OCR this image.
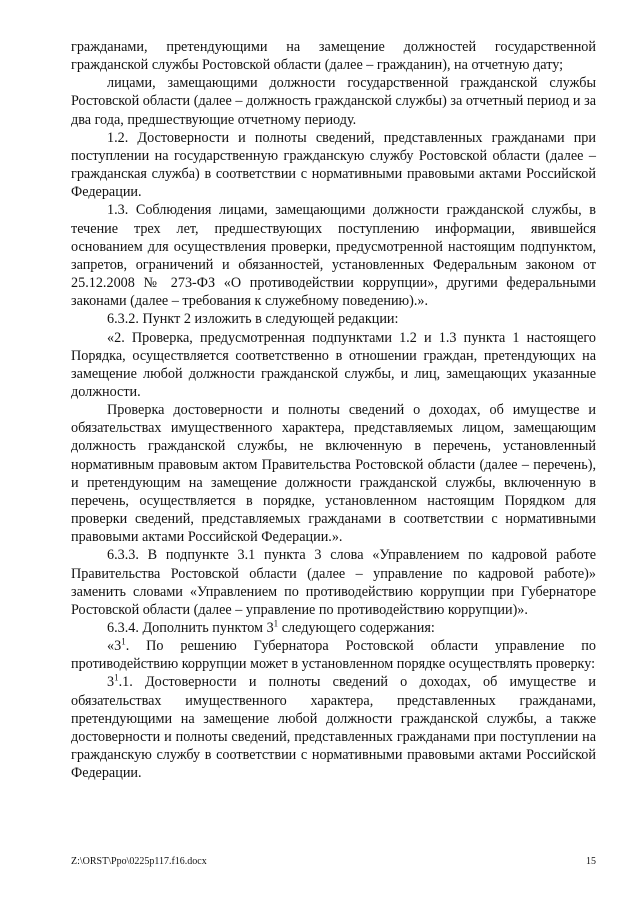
гражданами, претендующими на замещение должностей государственной гражданской службы Ростовской области (далее – гражданин), на отчетную дату;

лицами, замещающими должности государственной гражданской службы Ростовской области (далее – должность гражданской службы) за отчетный период и за два года, предшествующие отчетному периоду.

1.2. Достоверности и полноты сведений, представленных гражданами при поступлении на государственную гражданскую службу Ростовской области (далее – гражданская служба) в соответствии с нормативными правовыми актами Российской Федерации.

1.3. Соблюдения лицами, замещающими должности гражданской службы, в течение трех лет, предшествующих поступлению информации, явившейся основанием для осуществления проверки, предусмотренной настоящим подпунктом, запретов, ограничений и обязанностей, установленных Федеральным законом от 25.12.2008 № 273-ФЗ «О противодействии коррупции», другими федеральными законами (далее – требования к служебному поведению).».

6.3.2. Пункт 2 изложить в следующей редакции:

«2. Проверка, предусмотренная подпунктами 1.2 и 1.3 пункта 1 настоящего Порядка, осуществляется соответственно в отношении граждан, претендующих на замещение любой должности гражданской службы, и лиц, замещающих указанные должности.

Проверка достоверности и полноты сведений о доходах, об имуществе и обязательствах имущественного характера, представляемых лицом, замещающим должность гражданской службы, не включенную в перечень, установленный нормативным правовым актом Правительства Ростовской области (далее – перечень), и претендующим на замещение должности гражданской службы, включенную в перечень, осуществляется в порядке, установленном настоящим Порядком для проверки сведений, представляемых гражданами в соответствии с нормативными правовыми актами Российской Федерации.».

6.3.3. В подпункте 3.1 пункта 3 слова «Управлением по кадровой работе Правительства Ростовской области (далее – управление по кадровой работе)» заменить словами «Управлением по противодействию коррупции при Губернаторе Ростовской области (далее – управление по противодействию коррупции)».

6.3.4. Дополнить пунктом $3^1$ следующего содержания:

«$3^1$. По решению Губернатора Ростовской области управление по противодействию коррупции может в установленном порядке осуществлять проверку:

$3^1.1$. Достоверности и полноты сведений о доходах, об имуществе и обязательствах имущественного характера, представленных гражданами, претендующими на замещение любой должности гражданской службы, а также достоверности и полноты сведений, представленных гражданами при поступлении на гражданскую службу в соответствии с нормативными правовыми актами Российской Федерации.

Z:\ORST\Ppo\0225p117.f16.docx	15
